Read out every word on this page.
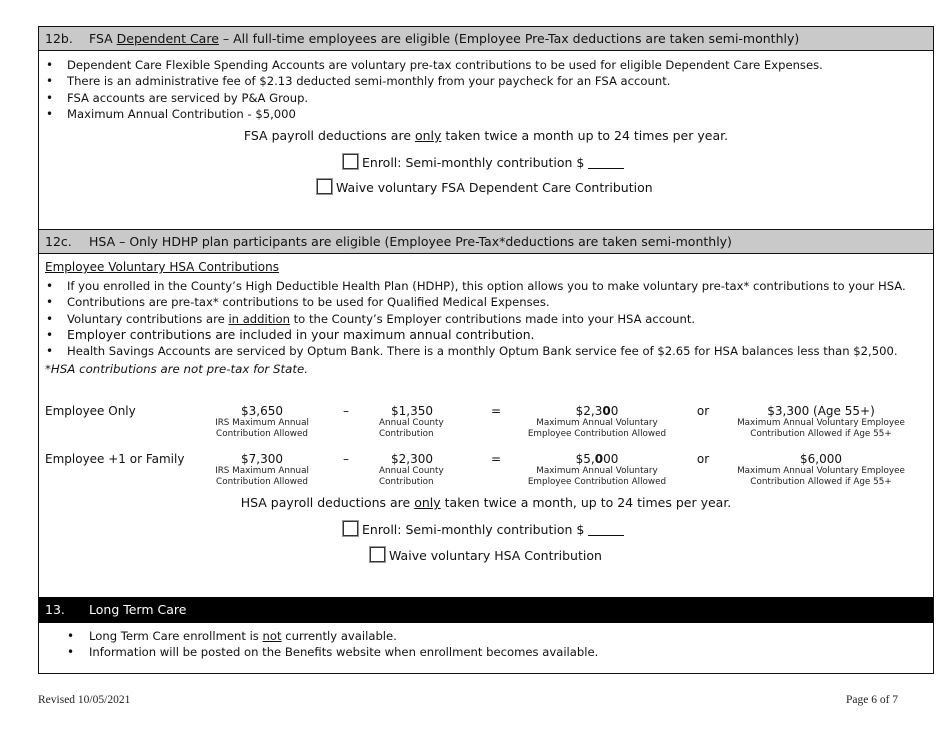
12b. FSA Dependent Care – All full-time employees are eligible (Employee Pre-Tax deductions are taken semi-monthly)
• Dependent Care Flexible Spending Accounts are voluntary pre-tax contributions to be used for eligible Dependent Care Expenses.
• There is an administrative fee of $2.13 deducted semi-monthly from your paycheck for an FSA account.
• FSA accounts are serviced by P&A Group.
• Maximum Annual Contribution - $5,000
FSA payroll deductions are only taken twice a month up to 24 times per year.
Enroll: Semi-monthly contribution $
Waive voluntary FSA Dependent Care Contribution
12c. HSA – Only HDHP plan participants are eligible (Employee Pre-Tax*deductions are taken semi-monthly)
Employee Voluntary HSA Contributions
• If you enrolled in the County’s High Deductible Health Plan (HDHP), this option allows you to make voluntary pre-tax* contributions to your HSA.
• Contributions are pre-tax* contributions to be used for Qualified Medical Expenses.
• Voluntary contributions are in addition to the County’s Employer contributions made into your HSA account.
• Employer contributions are included in your maximum annual contribution.
• Health Savings Accounts are serviced by Optum Bank. There is a monthly Optum Bank service fee of $2.65 for HSA balances less than $2,500.
*HSA contributions are not pre-tax for State.
Employee Only	$3,650
IRS Maximum Annual Contribution Allowed
–	$1,350
Annual County Contribution
=	$2,300
Maximum Annual Voluntary Employee Contribution Allowed
or	$3,300 (Age 55+)
Maximum Annual Voluntary Employee Contribution Allowed if Age 55+
Employee +1 or Family	$7,300
IRS Maximum Annual Contribution Allowed
–	$2,300
Annual County Contribution
=	$5,000
Maximum Annual Voluntary Employee Contribution Allowed
or	$6,000
Maximum Annual Voluntary Employee Contribution Allowed if Age 55+
HSA payroll deductions are only taken twice a month, up to 24 times per year.
Enroll: Semi-monthly contribution $
Waive voluntary HSA Contribution
13. Long Term Care
• Long Term Care enrollment is not currently available.
• Information will be posted on the Benefits website when enrollment becomes available.
Revised 10/05/2021	Page 6 of 7
